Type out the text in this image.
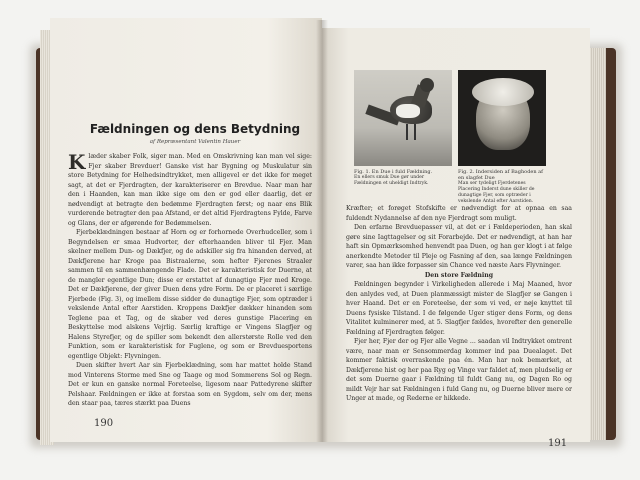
Fældningen og dens Betydning
af Repræsentant Valentin Hauer

Klæder skaber Folk, siger man. Med en Omskrivning kan man vel sige: Fjer skaber Brevduer! Ganske vist har Bygning og Muskulatur sin store Betydning for Helhedsindtrykket, men alligevel er det ikke for meget sagt, at det er Fjerdragten, der karakteriserer en Brevdue. Naar man har den i Haanden, kan man ikke sige om den er god eller daarlig, det er nødvendigt at betragte den bedømme Fjerdragten først; og naar ens Blik vurderende betragter den paa Afstand, er det altid Fjerdragtens Fylde, Farve og Glans, der er afgørende for Bedømmelsen.

Fjerbeklædningen bestaar af Horn og er forhornede Overhudceller, som i Begyndelsen er smaa Hudvorter, der efterhaanden bliver til Fjer. Man skelner mellem Dun- og Dækfjer, og de adskiller sig fra hinanden derved, at Dækfjerene har Kroge paa Bistraalerne, som hefter Fjerenes Straaler sammen til en sammenhængende Flade. Det er karakteristisk for Duerne, at de mangler egentlige Dun; disse er erstattet af dunagtige Fjer med Kroge. Det er Dækfjerene, der giver Duen dens ydre Form. De er placeret i særlige Fjerbede (Fig. 3), og imellem disse sidder de dunagtige Fjer, som optræder i vekslende Antal efter Aarstiden. Kroppens Dækfjer dækker hinanden som Teglene paa et Tag, og de skaber ved deres gunstige Placering en Beskyttelse mod alskens Vejrlig. Særlig kraftige er Vingens Slagfjer og Halens Styrefjer, og de spiller som bekendt den allerstørste Rolle ved den Funktion, som er karakteristisk for Fuglene, og som er Brevduesportens egentlige Objekt: Flyvningen.

Duen skifter hvert Aar sin Fjerbeklædning, som har mattet holde Stand mod Vinterens Storme med Sne og Taage og mod Sommerens Sol og Regn. Det er kun en ganske normal Foreteelse, ligesom naar Pattedyrene skifter Pelshaar. Fældningen er ikke at forstaa som en Sygdom, selv om der, mens den staar paa, tæres stærkt paa Duens

190
Fig. 1. En Due i fuld Fældning.
En ellers smuk Due gør under Fældningen et uheldigt Indtryk.
Fig. 2. Indersiden af Baghoden af en slagfet Due
Man ser tydeligt Fjerdetenes Placering Inderst dune skiller de dunagtige Fjer, som optræder i vekslende Antal efter Aarstiden.

Kræfter; et forøget Stofskifte er nødvendigt for at opnaa en saa fuldendt Nydannelse af den nye Fjerdragt som muligt.

Den erfarne Brevduepasser vil, at det er i Fældeperioden, han skal gøre sine Iagttagelser og sit Forarbejde. Det er nødvendigt, at han har haft sin Opmærksomhed henvendt paa Duen, og han ger klogt i at følge anerkendte Metoder til Pleje og Fasning af den, saa længe Fældningen varer, saa han ikke forpasser sin Chance ved næste Aars Flyvninger.

Den store Fældning

Fældningen begynder i Virkeligheden allerede i Maj Maaned, hvor den anlydes ved, at Duen planmæssigt mister de Slagfjer sø Gangen i hver Haand. Det er en Foreteelse, der som vi ved, er nøje knyttet til Duens fysiske Tilstand. I de følgende Uger stiger dens Form, og dens Vitalitet kulminerer med, at 5. Slagfjer fældes, hvorefter den generelle Fældning af Fjerdragten følger.

Fjer her, Fjer der og Fjer alle Vegne ... saadan vil Indtrykket omtrent være, naar man er Sensommerdag kommer ind paa Duealaget. Det kommer faktisk overraskende paa én. Man har nok bemærket, at Dækfjerene hist og her paa Ryg og Vinge var faldet af, men pludselig er det som Duerne gaar i Fældning til fuldt Gang nu, og Dagen Ro og mildt Vejr har sat Fældningen i fuld Gang nu, og Duerne bliver mere or Unger at made, og Rederne er hikkede.

191
